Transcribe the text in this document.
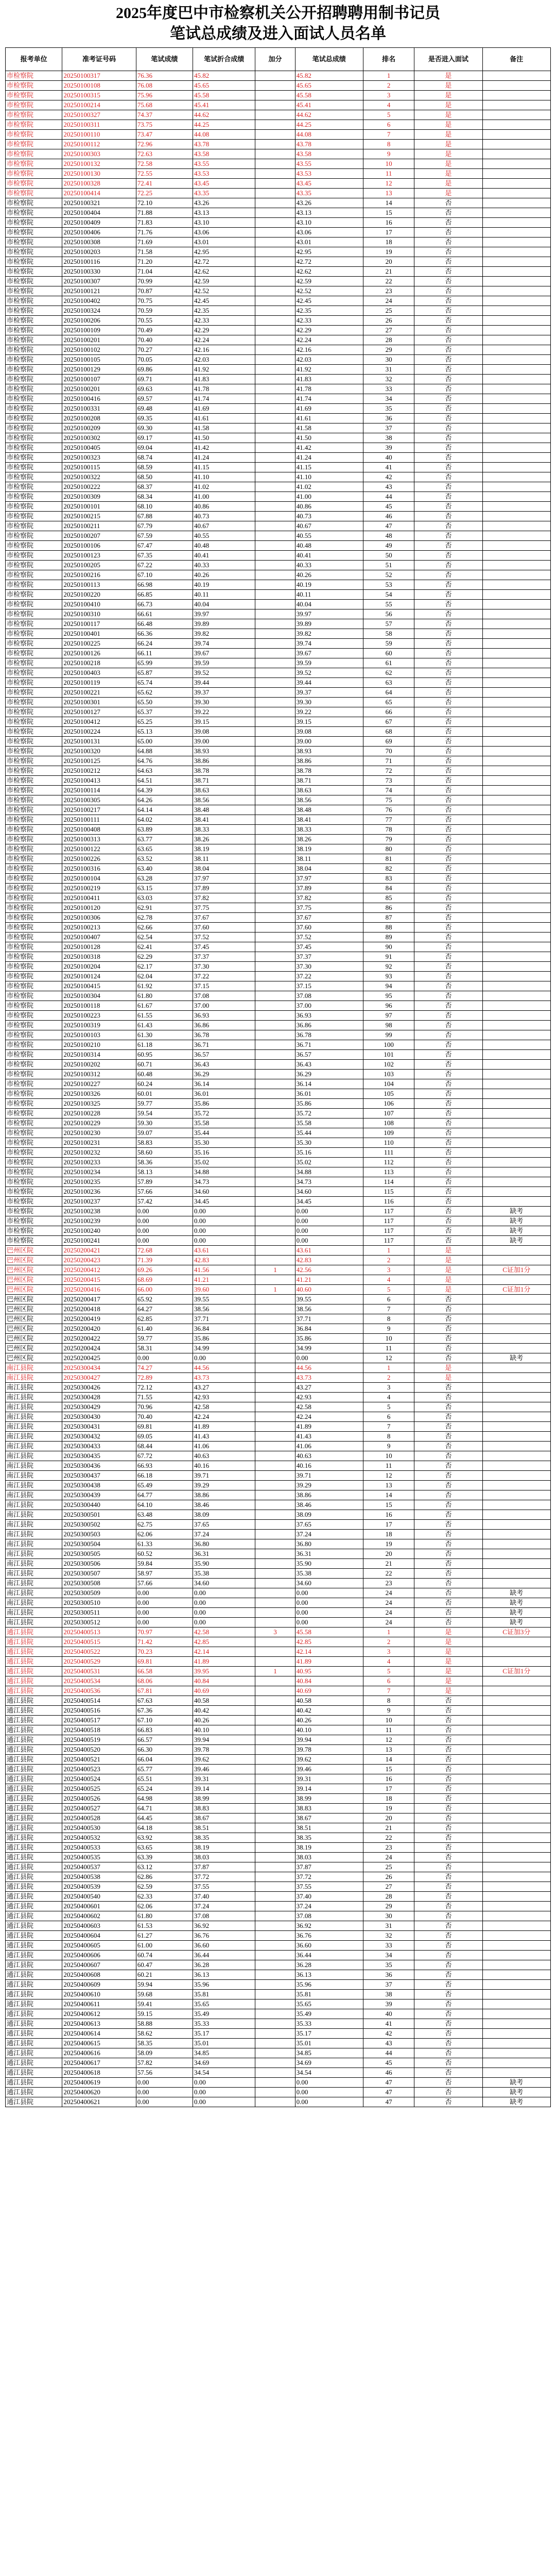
2025年度巴中市检察机关公开招聘聘用制书记员
笔试总成绩及进入面试人员名单
报考单位	准考证号码	笔试成绩	笔试折合成绩	加分	笔试总成绩	排名	是否进入面试	备注
市检察院	20250100317	76.36	45.82		45.82	1	是	
市检察院	20250100108	76.08	45.65		45.65	2	是	
市检察院	20250100315	75.96	45.58		45.58	3	是	
市检察院	20250100214	75.68	45.41		45.41	4	是	
市检察院	20250100327	74.37	44.62		44.62	5	是	
市检察院	20250100311	73.75	44.25		44.25	6	是	
市检察院	20250100110	73.47	44.08		44.08	7	是	
市检察院	20250100112	72.96	43.78		43.78	8	是	
市检察院	20250100303	72.63	43.58		43.58	9	是	
市检察院	20250100132	72.58	43.55		43.55	10	是	
市检察院	20250100130	72.55	43.53		43.53	11	是	
市检察院	20250100328	72.41	43.45		43.45	12	是	
市检察院	20250100414	72.25	43.35		43.35	13	是	
市检察院	20250100321	72.10	43.26		43.26	14	否	
市检察院	20250100404	71.88	43.13		43.13	15	否	
市检察院	20250100409	71.83	43.10		43.10	16	否	
市检察院	20250100406	71.76	43.06		43.06	17	否	
市检察院	20250100308	71.69	43.01		43.01	18	否	
市检察院	20250100203	71.58	42.95		42.95	19	否	
市检察院	20250100116	71.20	42.72		42.72	20	否	
市检察院	20250100330	71.04	42.62		42.62	21	否	
市检察院	20250100307	70.99	42.59		42.59	22	否	
市检察院	20250100121	70.87	42.52		42.52	23	否	
市检察院	20250100402	70.75	42.45		42.45	24	否	
市检察院	20250100324	70.59	42.35		42.35	25	否	
市检察院	20250100206	70.55	42.33		42.33	26	否	
市检察院	20250100109	70.49	42.29		42.29	27	否	
市检察院	20250100201	70.40	42.24		42.24	28	否	
市检察院	20250100102	70.27	42.16		42.16	29	否	
市检察院	20250100105	70.05	42.03		42.03	30	否	
市检察院	20250100129	69.86	41.92		41.92	31	否	
市检察院	20250100107	69.71	41.83		41.83	32	否	
市检察院	20250100201	69.63	41.78		41.78	33	否	
市检察院	20250100416	69.57	41.74		41.74	34	否	
市检察院	20250100331	69.48	41.69		41.69	35	否	
市检察院	20250100208	69.35	41.61		41.61	36	否	
市检察院	20250100209	69.30	41.58		41.58	37	否	
市检察院	20250100302	69.17	41.50		41.50	38	否	
市检察院	20250100405	69.04	41.42		41.42	39	否	
市检察院	20250100323	68.74	41.24		41.24	40	否	
市检察院	20250100115	68.59	41.15		41.15	41	否	
市检察院	20250100322	68.50	41.10		41.10	42	否	
市检察院	20250100222	68.37	41.02		41.02	43	否	
市检察院	20250100309	68.34	41.00		41.00	44	否	
市检察院	20250100101	68.10	40.86		40.86	45	否	
市检察院	20250100215	67.88	40.73		40.73	46	否	
市检察院	20250100211	67.79	40.67		40.67	47	否	
市检察院	20250100207	67.59	40.55		40.55	48	否	
市检察院	20250100106	67.47	40.48		40.48	49	否	
市检察院	20250100123	67.35	40.41		40.41	50	否	
市检察院	20250100205	67.22	40.33		40.33	51	否	
市检察院	20250100216	67.10	40.26		40.26	52	否	
市检察院	20250100113	66.98	40.19		40.19	53	否	
市检察院	20250100220	66.85	40.11		40.11	54	否	
市检察院	20250100410	66.73	40.04		40.04	55	否	
市检察院	20250100310	66.61	39.97		39.97	56	否	
市检察院	20250100117	66.48	39.89		39.89	57	否	
市检察院	20250100401	66.36	39.82		39.82	58	否	
市检察院	20250100225	66.24	39.74		39.74	59	否	
市检察院	20250100126	66.11	39.67		39.67	60	否	
市检察院	20250100218	65.99	39.59		39.59	61	否	
市检察院	20250100403	65.87	39.52		39.52	62	否	
市检察院	20250100119	65.74	39.44		39.44	63	否	
市检察院	20250100221	65.62	39.37		39.37	64	否	
市检察院	20250100301	65.50	39.30		39.30	65	否	
市检察院	20250100127	65.37	39.22		39.22	66	否	
市检察院	20250100412	65.25	39.15		39.15	67	否	
市检察院	20250100224	65.13	39.08		39.08	68	否	
市检察院	20250100131	65.00	39.00		39.00	69	否	
市检察院	20250100320	64.88	38.93		38.93	70	否	
市检察院	20250100125	64.76	38.86		38.86	71	否	
市检察院	20250100212	64.63	38.78		38.78	72	否	
市检察院	20250100413	64.51	38.71		38.71	73	否	
市检察院	20250100114	64.39	38.63		38.63	74	否	
市检察院	20250100305	64.26	38.56		38.56	75	否	
市检察院	20250100217	64.14	38.48		38.48	76	否	
市检察院	20250100111	64.02	38.41		38.41	77	否	
市检察院	20250100408	63.89	38.33		38.33	78	否	
市检察院	20250100313	63.77	38.26		38.26	79	否	
市检察院	20250100122	63.65	38.19		38.19	80	否	
市检察院	20250100226	63.52	38.11		38.11	81	否	
市检察院	20250100316	63.40	38.04		38.04	82	否	
市检察院	20250100104	63.28	37.97		37.97	83	否	
市检察院	20250100219	63.15	37.89		37.89	84	否	
市检察院	20250100411	63.03	37.82		37.82	85	否	
市检察院	20250100120	62.91	37.75		37.75	86	否	
市检察院	20250100306	62.78	37.67		37.67	87	否	
市检察院	20250100213	62.66	37.60		37.60	88	否	
市检察院	20250100407	62.54	37.52		37.52	89	否	
市检察院	20250100128	62.41	37.45		37.45	90	否	
市检察院	20250100318	62.29	37.37		37.37	91	否	
市检察院	20250100204	62.17	37.30		37.30	92	否	
市检察院	20250100124	62.04	37.22		37.22	93	否	
市检察院	20250100415	61.92	37.15		37.15	94	否	
市检察院	20250100304	61.80	37.08		37.08	95	否	
市检察院	20250100118	61.67	37.00		37.00	96	否	
市检察院	20250100223	61.55	36.93		36.93	97	否	
市检察院	20250100319	61.43	36.86		36.86	98	否	
市检察院	20250100103	61.30	36.78		36.78	99	否	
市检察院	20250100210	61.18	36.71		36.71	100	否	
市检察院	20250100314	60.95	36.57		36.57	101	否	
市检察院	20250100202	60.71	36.43		36.43	102	否	
市检察院	20250100312	60.48	36.29		36.29	103	否	
市检察院	20250100227	60.24	36.14		36.14	104	否	
市检察院	20250100326	60.01	36.01		36.01	105	否	
市检察院	20250100325	59.77	35.86		35.86	106	否	
市检察院	20250100228	59.54	35.72		35.72	107	否	
市检察院	20250100229	59.30	35.58		35.58	108	否	
市检察院	20250100230	59.07	35.44		35.44	109	否	
市检察院	20250100231	58.83	35.30		35.30	110	否	
市检察院	20250100232	58.60	35.16		35.16	111	否	
市检察院	20250100233	58.36	35.02		35.02	112	否	
市检察院	20250100234	58.13	34.88		34.88	113	否	
市检察院	20250100235	57.89	34.73		34.73	114	否	
市检察院	20250100236	57.66	34.60		34.60	115	否	
市检察院	20250100237	57.42	34.45		34.45	116	否	
市检察院	20250100238	0.00	0.00		0.00	117	否	缺考
市检察院	20250100239	0.00	0.00		0.00	117	否	缺考
市检察院	20250100240	0.00	0.00		0.00	117	否	缺考
市检察院	20250100241	0.00	0.00		0.00	117	否	缺考
巴州区院	20250200421	72.68	43.61		43.61	1	是	
巴州区院	20250200423	71.39	42.83		42.83	2	是	
巴州区院	20250200412	69.26	41.56	1	42.56	3	是	C证加1分
巴州区院	20250200415	68.69	41.21		41.21	4	是	
巴州区院	20250200416	66.00	39.60	1	40.60	5	是	C证加1分
巴州区院	20250200417	65.92	39.55		39.55	6	否	
巴州区院	20250200418	64.27	38.56		38.56	7	否	
巴州区院	20250200419	62.85	37.71		37.71	8	否	
巴州区院	20250200420	61.40	36.84		36.84	9	否	
巴州区院	20250200422	59.77	35.86		35.86	10	否	
巴州区院	20250200424	58.31	34.99		34.99	11	否	
巴州区院	20250200425	0.00	0.00		0.00	12	否	缺考
南江县院	20250300434	74.27	44.56		44.56	1	是	
南江县院	20250300427	72.89	43.73		43.73	2	是	
南江县院	20250300426	72.12	43.27		43.27	3	否	
南江县院	20250300428	71.55	42.93		42.93	4	否	
南江县院	20250300429	70.96	42.58		42.58	5	否	
南江县院	20250300430	70.40	42.24		42.24	6	否	
南江县院	20250300431	69.81	41.89		41.89	7	否	
南江县院	20250300432	69.05	41.43		41.43	8	否	
南江县院	20250300433	68.44	41.06		41.06	9	否	
南江县院	20250300435	67.72	40.63		40.63	10	否	
南江县院	20250300436	66.93	40.16		40.16	11	否	
南江县院	20250300437	66.18	39.71		39.71	12	否	
南江县院	20250300438	65.49	39.29		39.29	13	否	
南江县院	20250300439	64.77	38.86		38.86	14	否	
南江县院	20250300440	64.10	38.46		38.46	15	否	
南江县院	20250300501	63.48	38.09		38.09	16	否	
南江县院	20250300502	62.75	37.65		37.65	17	否	
南江县院	20250300503	62.06	37.24		37.24	18	否	
南江县院	20250300504	61.33	36.80		36.80	19	否	
南江县院	20250300505	60.52	36.31		36.31	20	否	
南江县院	20250300506	59.84	35.90		35.90	21	否	
南江县院	20250300507	58.97	35.38		35.38	22	否	
南江县院	20250300508	57.66	34.60		34.60	23	否	
南江县院	20250300509	0.00	0.00		0.00	24	否	缺考
南江县院	20250300510	0.00	0.00		0.00	24	否	缺考
南江县院	20250300511	0.00	0.00		0.00	24	否	缺考
南江县院	20250300512	0.00	0.00		0.00	24	否	缺考
通江县院	20250400513	70.97	42.58	3	45.58	1	是	C证加3分
通江县院	20250400515	71.42	42.85		42.85	2	是	
通江县院	20250400522	70.23	42.14		42.14	3	是	
通江县院	20250400529	69.81	41.89		41.89	4	是	
通江县院	20250400531	66.58	39.95	1	40.95	5	是	C证加1分
通江县院	20250400534	68.06	40.84		40.84	6	是	
通江县院	20250400536	67.81	40.69		40.69	7	是	
通江县院	20250400514	67.63	40.58		40.58	8	否	
通江县院	20250400516	67.36	40.42		40.42	9	否	
通江县院	20250400517	67.10	40.26		40.26	10	否	
通江县院	20250400518	66.83	40.10		40.10	11	否	
通江县院	20250400519	66.57	39.94		39.94	12	否	
通江县院	20250400520	66.30	39.78		39.78	13	否	
通江县院	20250400521	66.04	39.62		39.62	14	否	
通江县院	20250400523	65.77	39.46		39.46	15	否	
通江县院	20250400524	65.51	39.31		39.31	16	否	
通江县院	20250400525	65.24	39.14		39.14	17	否	
通江县院	20250400526	64.98	38.99		38.99	18	否	
通江县院	20250400527	64.71	38.83		38.83	19	否	
通江县院	20250400528	64.45	38.67		38.67	20	否	
通江县院	20250400530	64.18	38.51		38.51	21	否	
通江县院	20250400532	63.92	38.35		38.35	22	否	
通江县院	20250400533	63.65	38.19		38.19	23	否	
通江县院	20250400535	63.39	38.03		38.03	24	否	
通江县院	20250400537	63.12	37.87		37.87	25	否	
通江县院	20250400538	62.86	37.72		37.72	26	否	
通江县院	20250400539	62.59	37.55		37.55	27	否	
通江县院	20250400540	62.33	37.40		37.40	28	否	
通江县院	20250400601	62.06	37.24		37.24	29	否	
通江县院	20250400602	61.80	37.08		37.08	30	否	
通江县院	20250400603	61.53	36.92		36.92	31	否	
通江县院	20250400604	61.27	36.76		36.76	32	否	
通江县院	20250400605	61.00	36.60		36.60	33	否	
通江县院	20250400606	60.74	36.44		36.44	34	否	
通江县院	20250400607	60.47	36.28		36.28	35	否	
通江县院	20250400608	60.21	36.13		36.13	36	否	
通江县院	20250400609	59.94	35.96		35.96	37	否	
通江县院	20250400610	59.68	35.81		35.81	38	否	
通江县院	20250400611	59.41	35.65		35.65	39	否	
通江县院	20250400612	59.15	35.49		35.49	40	否	
通江县院	20250400613	58.88	35.33		35.33	41	否	
通江县院	20250400614	58.62	35.17		35.17	42	否	
通江县院	20250400615	58.35	35.01		35.01	43	否	
通江县院	20250400616	58.09	34.85		34.85	44	否	
通江县院	20250400617	57.82	34.69		34.69	45	否	
通江县院	20250400618	57.56	34.54		34.54	46	否	
通江县院	20250400619	0.00	0.00		0.00	47	否	缺考
通江县院	20250400620	0.00	0.00		0.00	47	否	缺考
通江县院	20250400621	0.00	0.00		0.00	47	否	缺考
